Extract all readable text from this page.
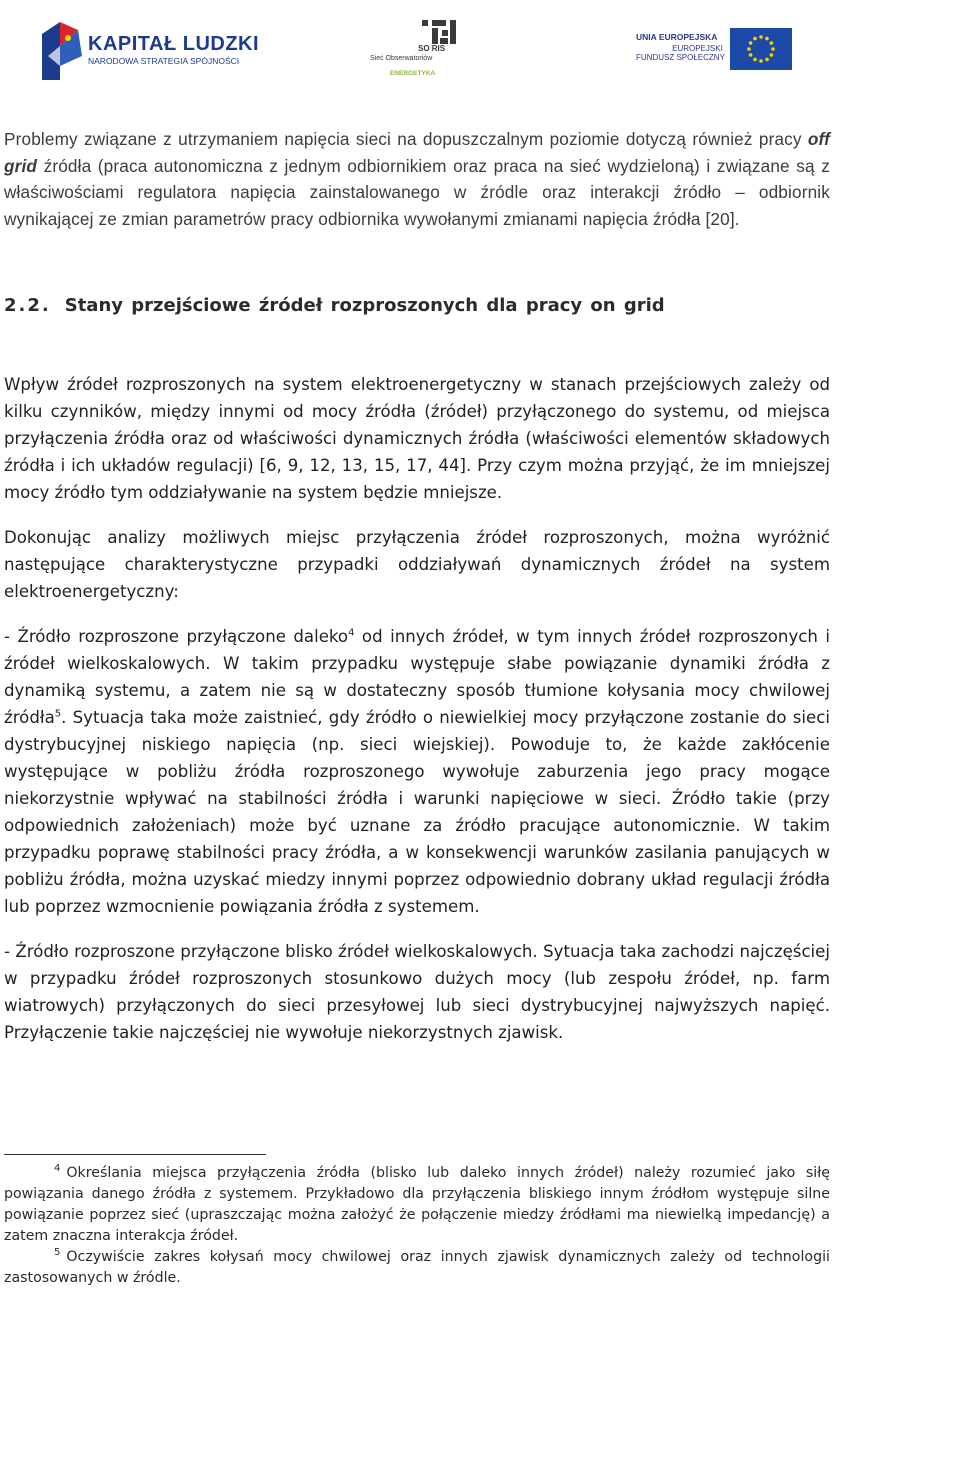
KAPITAŁ LUDZKI
NARODOWA STRATEGIA SPÓJNOŚCI
SO RIS
Sieć Obserwatoriów
ENERGETYKA
UNIA EUROPEJSKA
EUROPEJSKI
FUNDUSZ SPOŁECZNY

Problemy związane z utrzymaniem napięcia sieci na dopuszczalnym poziomie dotyczą również pracy off grid źródła (praca autonomiczna z jednym odbiornikiem oraz praca na sieć wydzieloną) i związane są z właściwościami regulatora napięcia zainstalowanego w źródle oraz interakcji źródło – odbiornik wynikającej ze zmian parametrów pracy odbiornika wywołanymi zmianami napięcia źródła [20].

2.2. Stany przejściowe źródeł rozproszonych dla pracy on grid

Wpływ źródeł rozproszonych na system elektroenergetyczny w stanach przejściowych zależy od kilku czynników, między innymi od mocy źródła (źródeł) przyłączonego do systemu, od miejsca przyłączenia źródła oraz od właściwości dynamicznych źródła (właściwości elementów składowych źródła i ich układów regulacji) [6, 9, 12, 13, 15, 17, 44]. Przy czym można przyjąć, że im mniejszej mocy źródło tym oddziaływanie na system będzie mniejsze.

Dokonując analizy możliwych miejsc przyłączenia źródeł rozproszonych, można wyróżnić następujące charakterystyczne przypadki oddziaływań dynamicznych źródeł na system elektroenergetyczny:

- Źródło rozproszone przyłączone daleko$^4$ od innych źródeł, w tym innych źródeł rozproszonych i źródeł wielkoskalowych. W takim przypadku występuje słabe powiązanie dynamiki źródła z dynamiką systemu, a zatem nie są w dostateczny sposób tłumione kołysania mocy chwilowej źródła$^5$. Sytuacja taka może zaistnieć, gdy źródło o niewielkiej mocy przyłączone zostanie do sieci dystrybucyjnej niskiego napięcia (np. sieci wiejskiej). Powoduje to, że każde zakłócenie występujące w pobliżu źródła rozproszonego wywołuje zaburzenia jego pracy mogące niekorzystnie wpływać na stabilności źródła i warunki napięciowe w sieci. Źródło takie (przy odpowiednich założeniach) może być uznane za źródło pracujące autonomicznie. W takim przypadku poprawę stabilności pracy źródła, a w konsekwencji warunków zasilania panujących w pobliżu źródła, można uzyskać miedzy innymi poprzez odpowiednio dobrany układ regulacji źródła lub poprzez wzmocnienie powiązania źródła z systemem.

- Źródło rozproszone przyłączone blisko źródeł wielkoskalowych. Sytuacja taka zachodzi najczęściej w przypadku źródeł rozproszonych stosunkowo dużych mocy (lub zespołu źródeł, np. farm wiatrowych) przyłączonych do sieci przesyłowej lub sieci dystrybucyjnej najwyższych napięć. Przyłączenie takie najczęściej nie wywołuje niekorzystnych zjawisk.

$^4$ Określania miejsca przyłączenia źródła (blisko lub daleko innych źródeł) należy rozumieć jako siłę powiązania danego źródła z systemem. Przykładowo dla przyłączenia bliskiego innym źródłom występuje silne powiązanie poprzez sieć (upraszczając można założyć że połączenie miedzy źródłami ma niewielką impedancję) a zatem znaczna interakcja źródeł.
$^5$ Oczywiście zakres kołysań mocy chwilowej oraz innych zjawisk dynamicznych zależy od technologii zastosowanych w źródle.
